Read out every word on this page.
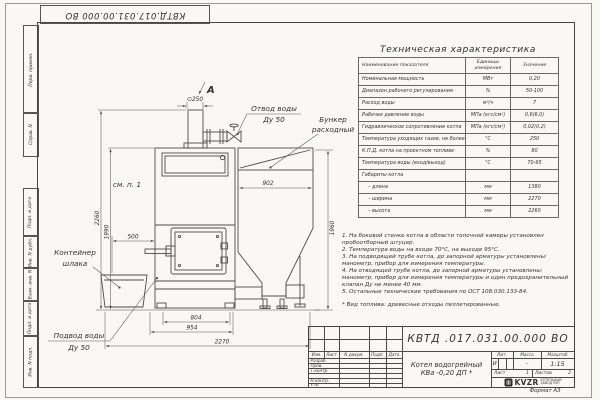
КВТД.017.031.00.000 ВО
Перв. примен.
Справ. N
Подп. и дата
Инв. N дубл.
Взам. инв. N
Подп. и дата
Инв. N подл.
∅250
А
902
2260
1990	1960
500
804
954
2270
Отвод воды
Ду 50	Бункер
расходный
см. п. 1
Контейнер
шлака
Подвод воды
Ду 50
Техническая характеристика
Наименование показателя	Единицы
измерения	Значение
Номинальная мощность	МВт	0,20
Диапазон рабочего регулирования	%	50-100
Расход воды	м³/ч	7
Рабочее давление воды	МПа (кгс/см²)	0,6(6,0)
Гидравлическое сопротивление котла	МПа (кгс/см²)	0,02(0,2)
Температура уходящих газов, не более	°С	250
К.П.Д. котла на проектном топливе	%	80
Температура воды (вход/выход)	°С	70-95
Габариты котла		
– длина	мм	1380
– ширина	мм	2270
– высота	мм	2260
1. На боковой стенке котла в области топочной камеры установлен пробоотборный штуцер.
2. Температура воды на входе 70°С, на выходе 95°С.
3. На подводящей трубе котла, до запорной арматуры установлены: манометр, прибор для измерения температуры.
4. На отводящей трубе котла, до запорной арматуры установлены: манометр, прибор для измерения температуры и один предохранительный клапан Ду не менее 40 мм.
5. Остальные технические требования по ОСТ 108.030.133-84.
* Вид топлива: древесные отходы пеллетированные.
Изм.	Лист	N докум.	Подп.	Дата
Разраб.
Пров.
Т.контр.
Н.контр.
Утв.
КВТД .017.031.00.000 ВО
Котел водогрейный
КВа -0,20 ДП *
Лит.	Масса	Масштаб
И	–	1:15
Лист	1 Листов	2
KVZR КОТЕЛЬНЫЙ
ЗАВОД РЭП
Формат А3
